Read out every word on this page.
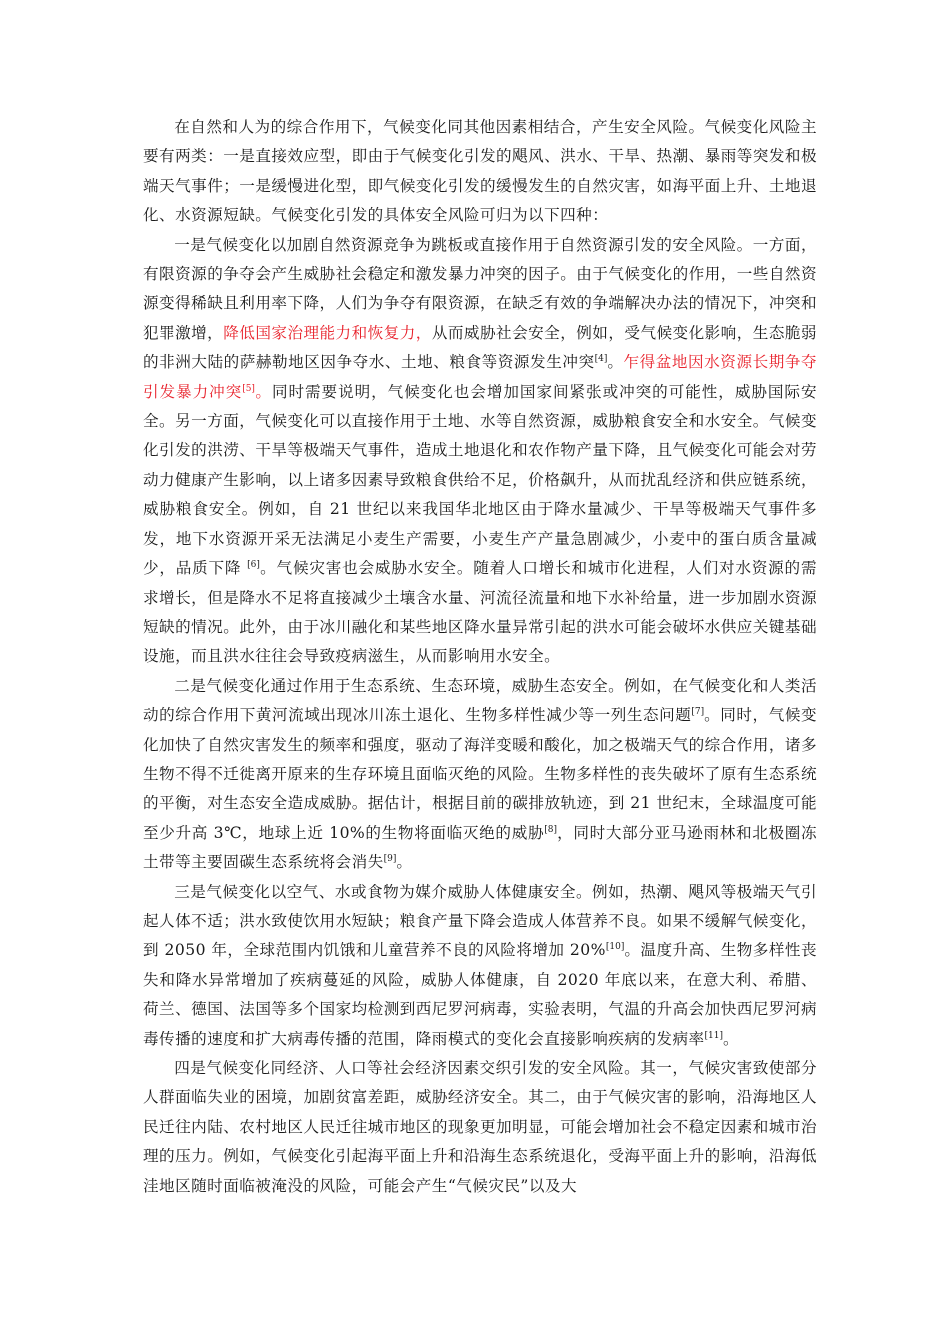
在自然和人为的综合作用下，气候变化同其他因素相结合，产生安全风险。气候变化风险主要有两类：一是直接效应型，即由于气候变化引发的飓风、洪水、干旱、热潮、暴雨等突发和极端天气事件；一是缓慢进化型，即气候变化引发的缓慢发生的自然灾害，如海平面上升、土地退化、水资源短缺。气候变化引发的具体安全风险可归为以下四种：

一是气候变化以加剧自然资源竞争为跳板或直接作用于自然资源引发的安全风险。一方面，有限资源的争夺会产生威胁社会稳定和激发暴力冲突的因子。由于气候变化的作用，一些自然资源变得稀缺且利用率下降，人们为争夺有限资源，在缺乏有效的争端解决办法的情况下，冲突和犯罪激增，降低国家治理能力和恢复力，从而威胁社会安全，例如，受气候变化影响，生态脆弱的非洲大陆的萨赫勒地区因争夺水、土地、粮食等资源发生冲突[4]。乍得盆地因水资源长期争夺引发暴力冲突[5]。同时需要说明，气候变化也会增加国家间紧张或冲突的可能性，威胁国际安全。另一方面，气候变化可以直接作用于土地、水等自然资源，威胁粮食安全和水安全。气候变化引发的洪涝、干旱等极端天气事件，造成土地退化和农作物产量下降，且气候变化可能会对劳动力健康产生影响，以上诸多因素导致粮食供给不足，价格飙升，从而扰乱经济和供应链系统，威胁粮食安全。例如，自 21 世纪以来我国华北地区由于降水量减少、干旱等极端天气事件多发，地下水资源开采无法满足小麦生产需要，小麦生产产量急剧减少，小麦中的蛋白质含量减少，品质下降 [6]。气候灾害也会威胁水安全。随着人口增长和城市化进程，人们对水资源的需求增长，但是降水不足将直接减少土壤含水量、河流径流量和地下水补给量，进一步加剧水资源短缺的情况。此外，由于冰川融化和某些地区降水量异常引起的洪水可能会破坏水供应关键基础设施，而且洪水往往会导致疫病滋生，从而影响用水安全。

二是气候变化通过作用于生态系统、生态环境，威胁生态安全。例如，在气候变化和人类活动的综合作用下黄河流域出现冰川冻土退化、生物多样性减少等一列生态问题[7]。同时，气候变化加快了自然灾害发生的频率和强度，驱动了海洋变暖和酸化，加之极端天气的综合作用，诸多生物不得不迁徙离开原来的生存环境且面临灭绝的风险。生物多样性的丧失破坏了原有生态系统的平衡，对生态安全造成威胁。据估计，根据目前的碳排放轨迹，到 21 世纪末，全球温度可能至少升高 3℃，地球上近 10%的生物将面临灭绝的威胁[8]，同时大部分亚马逊雨林和北极圈冻土带等主要固碳生态系统将会消失[9]。

三是气候变化以空气、水或食物为媒介威胁人体健康安全。例如，热潮、飓风等极端天气引起人体不适；洪水致使饮用水短缺；粮食产量下降会造成人体营养不良。如果不缓解气候变化，到 2050 年，全球范围内饥饿和儿童营养不良的风险将增加 20%[10]。温度升高、生物多样性丧失和降水异常增加了疾病蔓延的风险，威胁人体健康，自 2020 年底以来，在意大利、希腊、荷兰、德国、法国等多个国家均检测到西尼罗河病毒，实验表明，气温的升高会加快西尼罗河病毒传播的速度和扩大病毒传播的范围，降雨模式的变化会直接影响疾病的发病率[11]。

四是气候变化同经济、人口等社会经济因素交织引发的安全风险。其一，气候灾害致使部分人群面临失业的困境，加剧贫富差距，威胁经济安全。其二，由于气候灾害的影响，沿海地区人民迁往内陆、农村地区人民迁往城市地区的现象更加明显，可能会增加社会不稳定因素和城市治理的压力。例如，气候变化引起海平面上升和沿海生态系统退化，受海平面上升的影响，沿海低洼地区随时面临被淹没的风险，可能会产生“气候灾民”以及大
